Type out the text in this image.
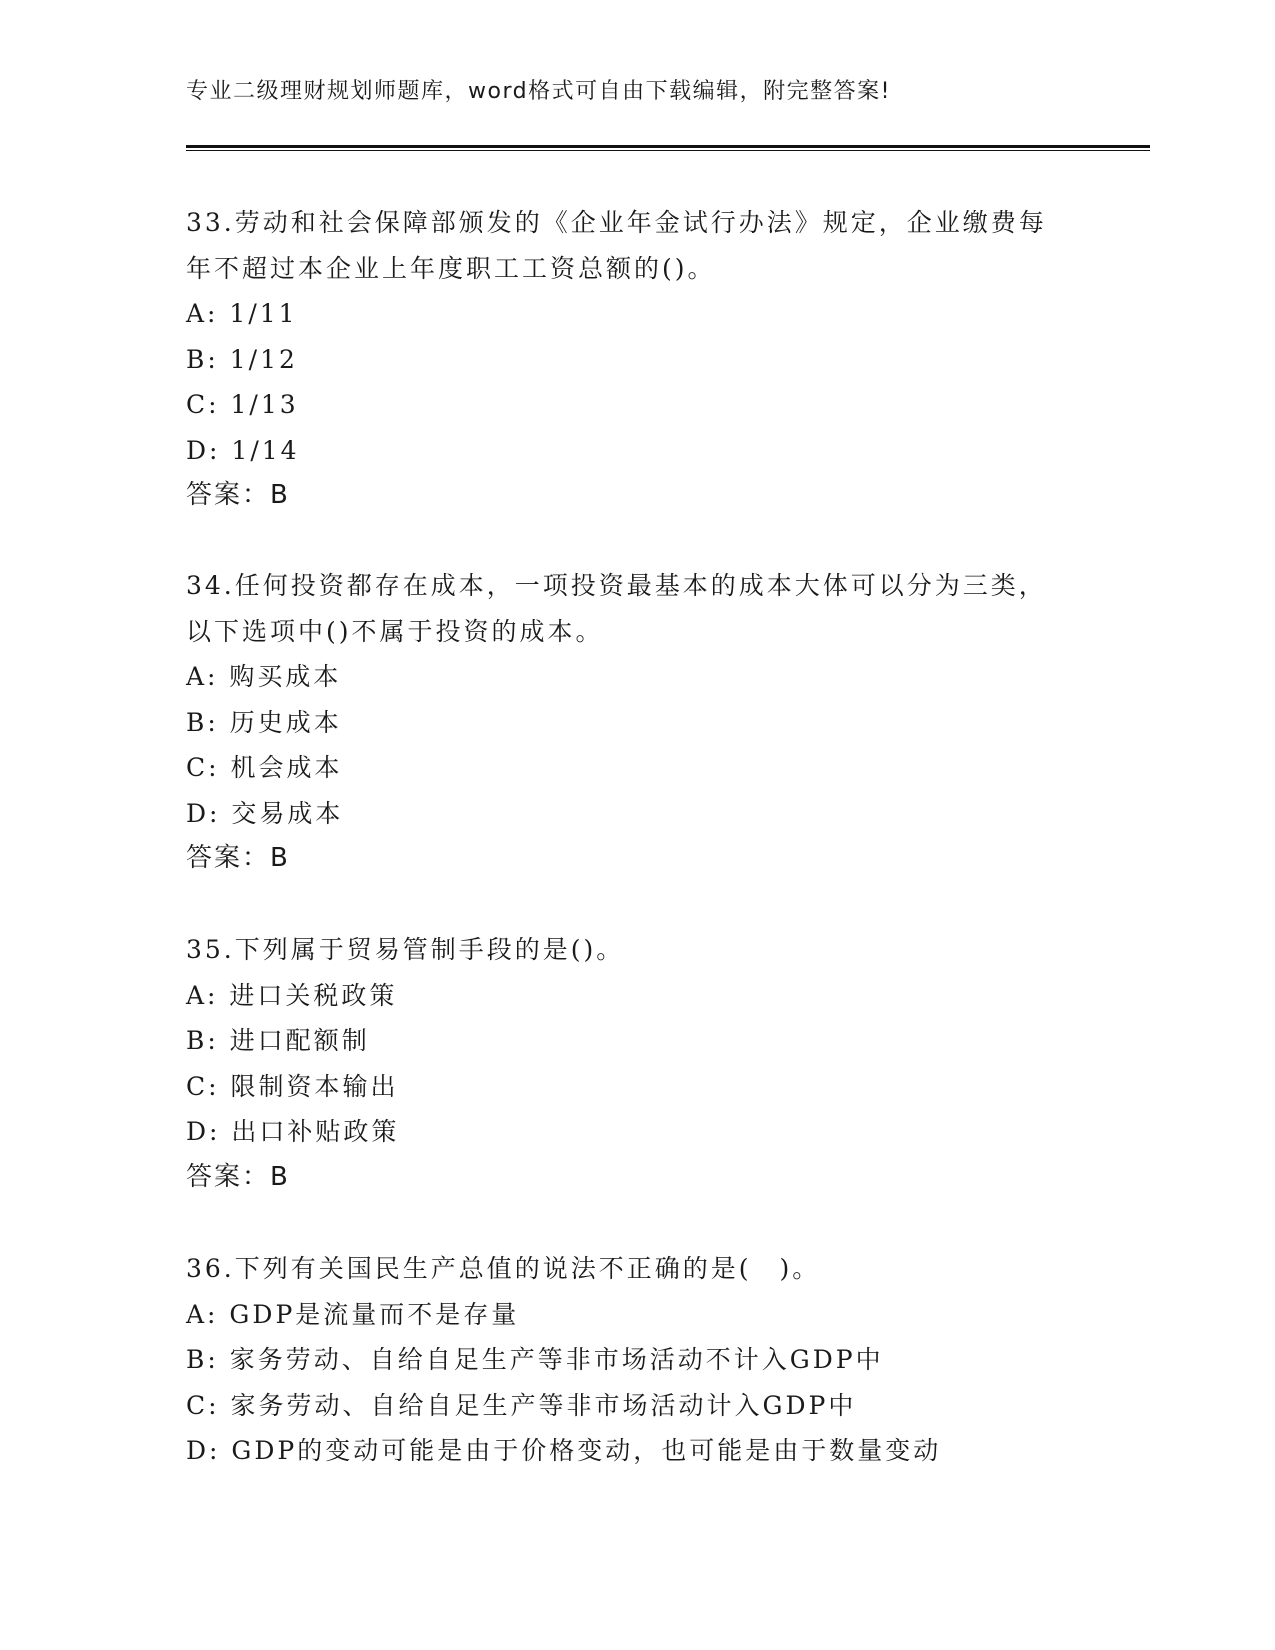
专业二级理财规划师题库，word格式可自由下载编辑，附完整答案!
33.劳动和社会保障部颁发的《企业年金试行办法》规定，企业缴费每
年不超过本企业上年度职工工资总额的()。
A: 1/11
B: 1/12
C: 1/13
D: 1/14
答案：B
34.任何投资都存在成本，一项投资最基本的成本大体可以分为三类，
以下选项中()不属于投资的成本。
A: 购买成本
B: 历史成本
C: 机会成本
D: 交易成本
答案：B
35.下列属于贸易管制手段的是()。
A: 进口关税政策
B: 进口配额制
C: 限制资本输出
D: 出口补贴政策
答案：B
36.下列有关国民生产总值的说法不正确的是(　)。
A: GDP是流量而不是存量
B: 家务劳动、自给自足生产等非市场活动不计入GDP中
C: 家务劳动、自给自足生产等非市场活动计入GDP中
D: GDP的变动可能是由于价格变动，也可能是由于数量变动
